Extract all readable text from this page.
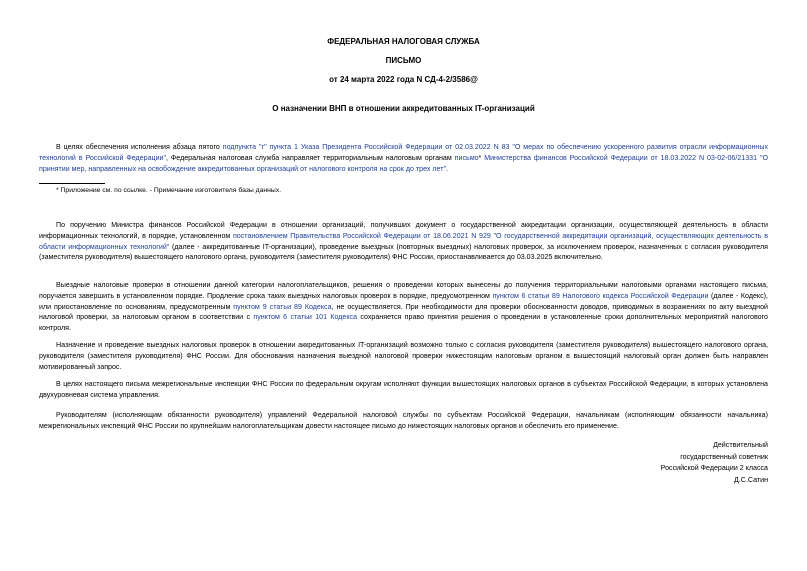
ФЕДЕРАЛЬНАЯ НАЛОГОВАЯ СЛУЖБА
ПИСЬМО
от 24 марта 2022 года N СД-4-2/3586@
О назначении ВНП в отношении аккредитованных IT-организаций

В целях обеспечения исполнения абзаца пятого подпункта "г" пункта 1 Указа Президента Российской Федерации от 02.03.2022 N 83 "О мерах по обеспечению ускоренного развития отрасли информационных технологий в Российской Федерации", Федеральная налоговая служба направляет территориальным налоговым органам письмо* Министерства финансов Российской Федерации от 18.03.2022 N 03-02-06/21331 "О принятии мер, направленных на освобождение аккредитованных организаций от налогового контроля на срок до трех лет".

* Приложение см. по ссылке. - Примечание изготовителя базы данных.

По поручению Министра финансов Российской Федерации в отношении организаций, получивших документ о государственной аккредитации организации, осуществляющей деятельность в области информационных технологий, в порядке, установленном постановлением Правительства Российской Федерации от 18.06.2021 N 929 "О государственной аккредитации организаций, осуществляющих деятельность в области информационных технологий" (далее - аккредитованные IT-организации), проведение выездных (повторных выездных) налоговых проверок, за исключением проверок, назначенных с согласия руководителя (заместителя руководителя) вышестоящего налогового органа, руководителя (заместителя руководителя) ФНС России, приостанавливается до 03.03.2025 включительно.

Выездные налоговые проверки в отношении данной категории налогоплательщиков, решения о проведении которых вынесены до получения территориальными налоговыми органами настоящего письма, поручается завершить в установленном порядке. Продление срока таких выездных налоговых проверок в порядке, предусмотренном пунктом 6 статьи 89 Налогового кодекса Российской Федерации (далее - Кодекс), или приостановление по основаниям, предусмотренным пунктом 9 статьи 89 Кодекса, не осуществляется. При необходимости для проверки обоснованности доводов, приводимых в возражениях по акту выездной налоговой проверки, за налоговым органом в соответствии с пунктом 6 статьи 101 Кодекса сохраняется право принятия решения о проведении в установленные сроки дополнительных мероприятий налогового контроля.

Назначение и проведение выездных налоговых проверок в отношении аккредитованных IT-организаций возможно только с согласия руководителя (заместителя руководителя) вышестоящего налогового органа, руководителя (заместителя руководителя) ФНС России. Для обоснования назначения выездной налоговой проверки нижестоящим налоговым органом в вышестоящий налоговый орган должен быть направлен мотивированный запрос.

В целях настоящего письма межрегиональные инспекции ФНС России по федеральным округам исполняют функции вышестоящих налоговых органов в субъектах Российской Федерации, в которых установлена двухуровневая система управления.

Руководителям (исполняющим обязанности руководителя) управлений Федеральной налоговой службы по субъектам Российской Федерации, начальникам (исполняющим обязанности начальника) межрегиональных инспекций ФНС России по крупнейшим налогоплательщикам довести настоящее письмо до нижестоящих налоговых органов и обеспечить его применение.

Действительный
государственный советник
Российской Федерации 2 класса
Д.С.Сатин
